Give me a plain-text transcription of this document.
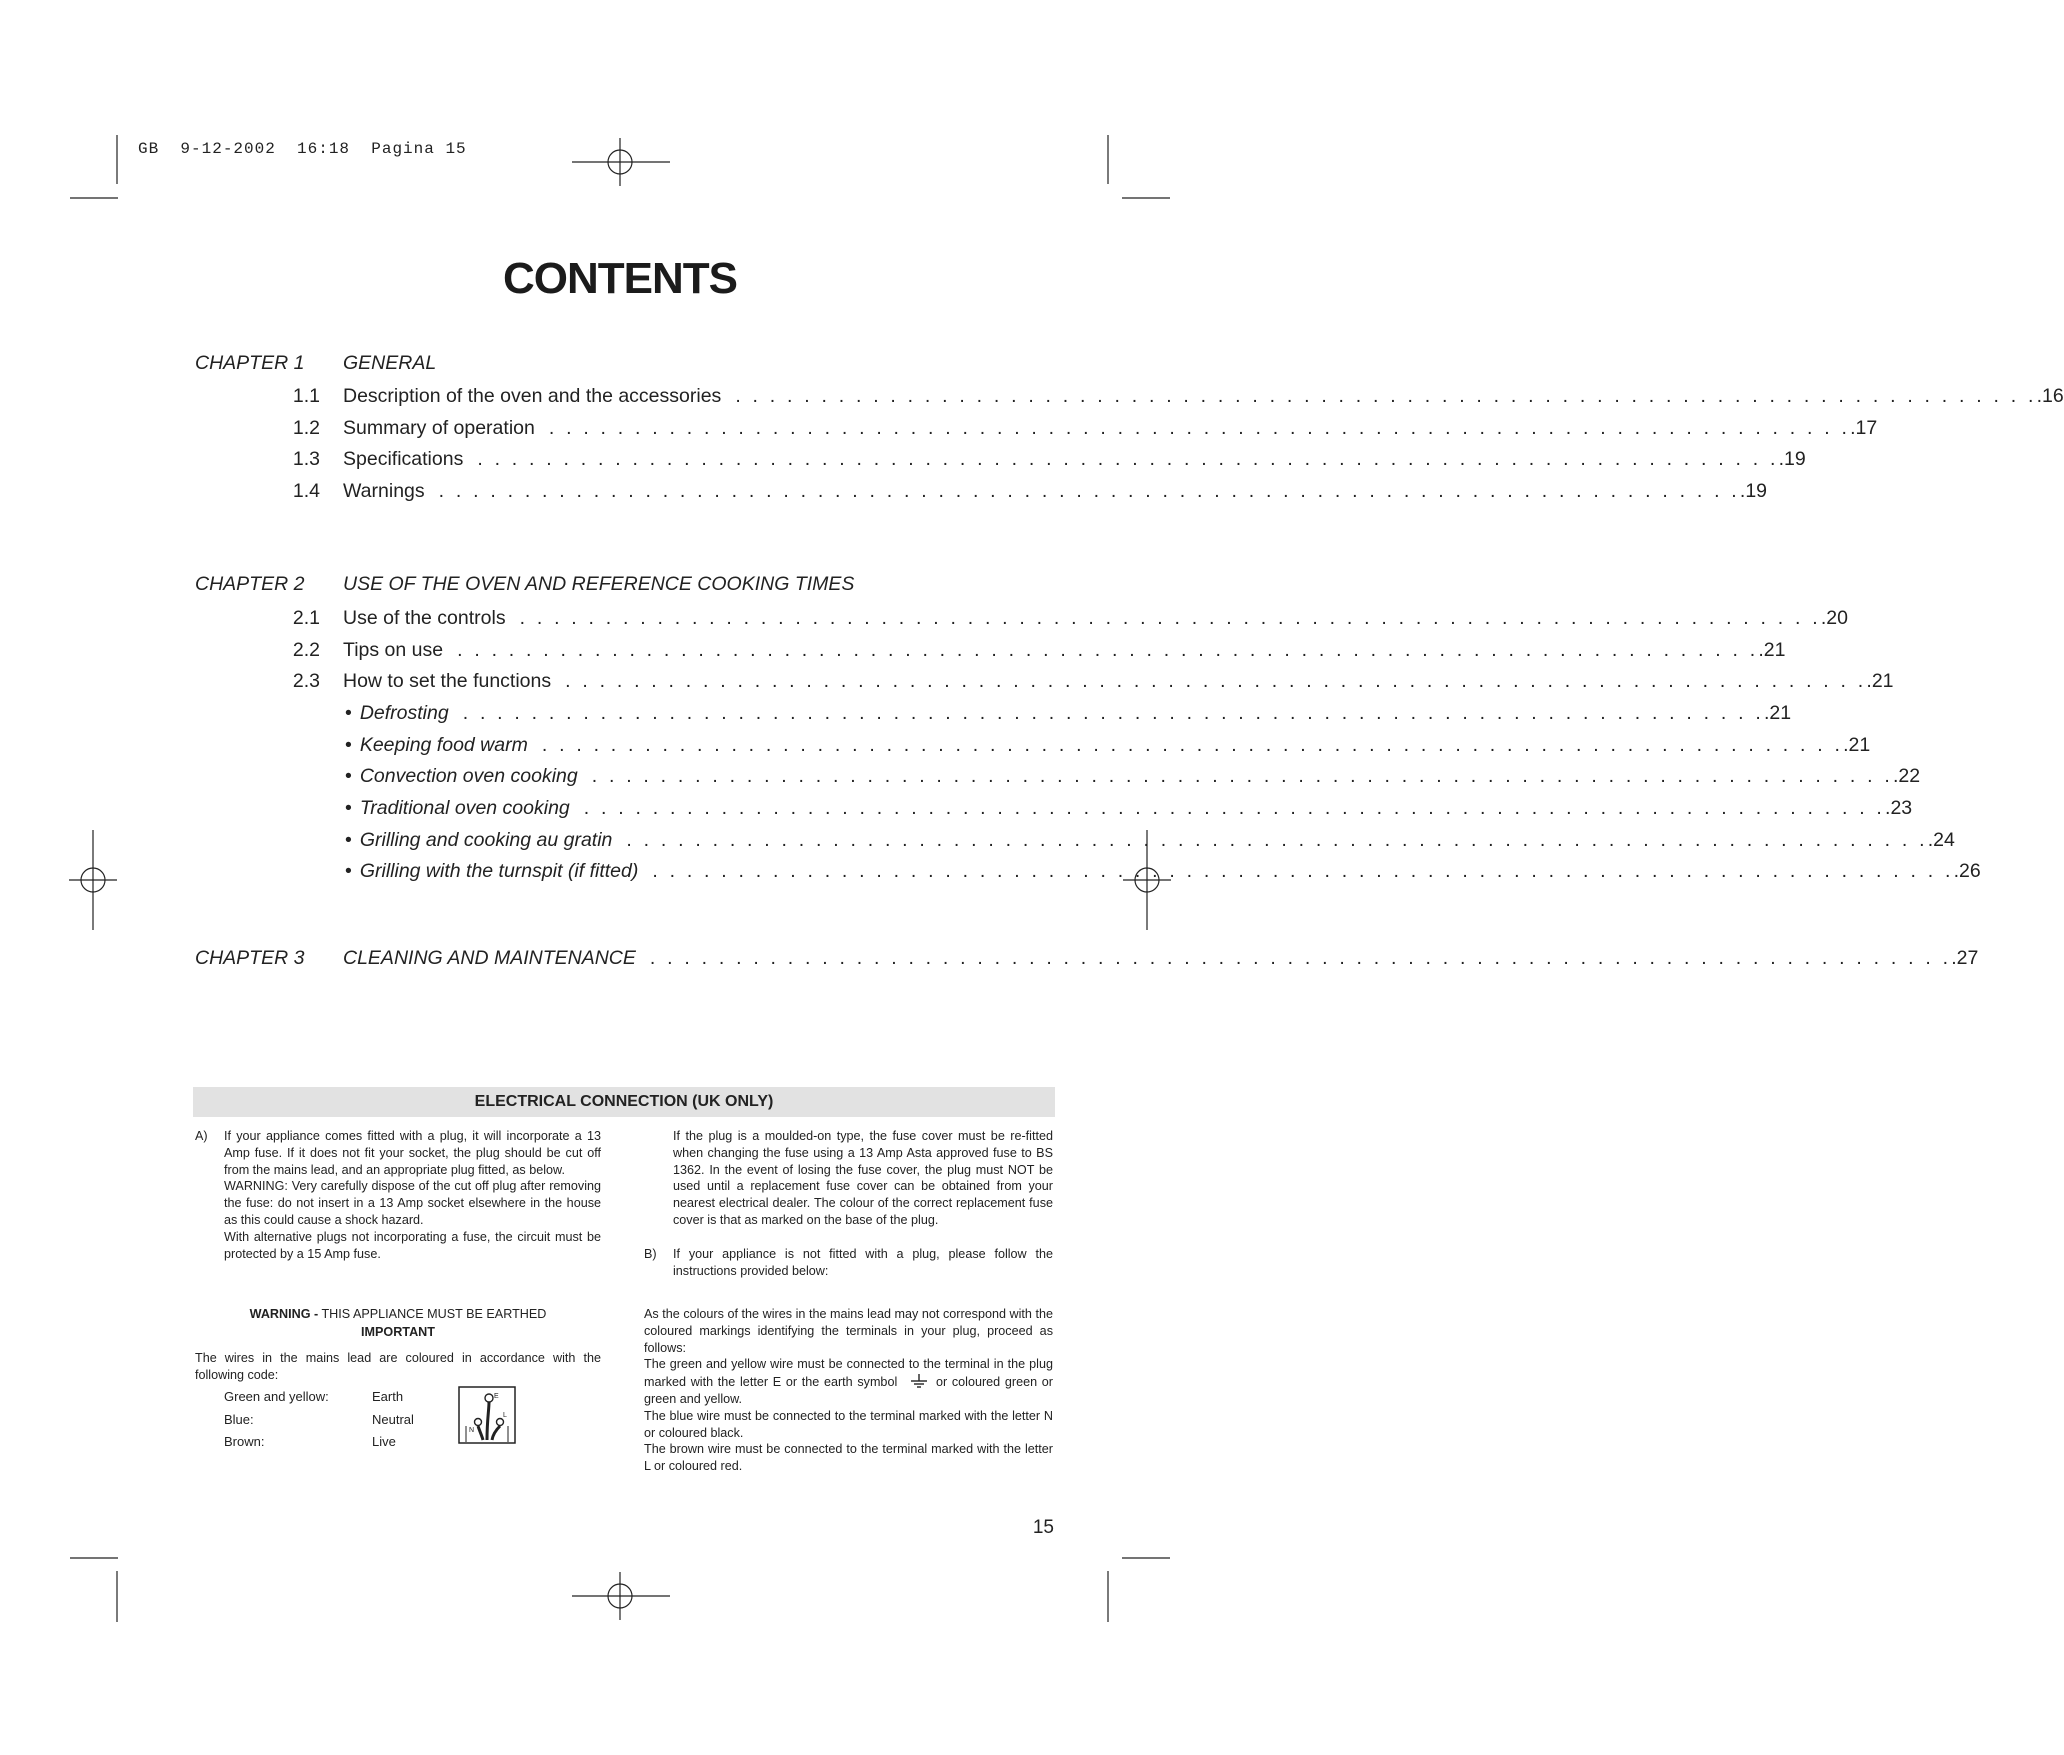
GB  9-12-2002  16:18  Pagina 15
CONTENTS
CHAPTER 1 GENERAL
1.1 Description of the oven and the accessories . . . . . . . . . . . . . . . . . . . . . . . . . . . . . . . . . . . . . . . . . . . . . . . . . . . . . . . . . . . . . . . . . . . . . . . . . . . . .16
1.2 Summary of operation . . . . . . . . . . . . . . . . . . . . . . . . . . . . . . . . . . . . . . . . . . . . . . . . . . . . . . . . . . . . . . . . . . . . . . . . . . . . .17
1.3 Specifications . . . . . . . . . . . . . . . . . . . . . . . . . . . . . . . . . . . . . . . . . . . . . . . . . . . . . . . . . . . . . . . . . . . . . . . . . . . . .19
1.4 Warnings . . . . . . . . . . . . . . . . . . . . . . . . . . . . . . . . . . . . . . . . . . . . . . . . . . . . . . . . . . . . . . . . . . . . . . . . . . . . .19
CHAPTER 2 USE OF THE OVEN AND REFERENCE COOKING TIMES
2.1 Use of the controls . . . . . . . . . . . . . . . . . . . . . . . . . . . . . . . . . . . . . . . . . . . . . . . . . . . . . . . . . . . . . . . . . . . . . . . . . . . . .20
2.2 Tips on use . . . . . . . . . . . . . . . . . . . . . . . . . . . . . . . . . . . . . . . . . . . . . . . . . . . . . . . . . . . . . . . . . . . . . . . . . . . . .21
2.3 How to set the functions . . . . . . . . . . . . . . . . . . . . . . . . . . . . . . . . . . . . . . . . . . . . . . . . . . . . . . . . . . . . . . . . . . . . . . . . . . . . .21
• Defrosting . . . . . . . . . . . . . . . . . . . . . . . . . . . . . . . . . . . . . . . . . . . . . . . . . . . . . . . . . . . . . . . . . . . . . . . . . . . . .21
• Keeping food warm . . . . . . . . . . . . . . . . . . . . . . . . . . . . . . . . . . . . . . . . . . . . . . . . . . . . . . . . . . . . . . . . . . . . . . . . . . . . .21
• Convection oven cooking . . . . . . . . . . . . . . . . . . . . . . . . . . . . . . . . . . . . . . . . . . . . . . . . . . . . . . . . . . . . . . . . . . . . . . . . . . . . .22
• Traditional oven cooking . . . . . . . . . . . . . . . . . . . . . . . . . . . . . . . . . . . . . . . . . . . . . . . . . . . . . . . . . . . . . . . . . . . . . . . . . . . . .23
• Grilling and cooking au gratin . . . . . . . . . . . . . . . . . . . . . . . . . . . . . . . . . . . . . . . . . . . . . . . . . . . . . . . . . . . . . . . . . . . . . . . . . . . . .24
• Grilling with the turnspit (if fitted) . . . . . . . . . . . . . . . . . . . . . . . . . . . . . . . . . . . . . . . . . . . . . . . . . . . . . . . . . . . . . . . . . . . . . . . . . . . . .26
CHAPTER 3 CLEANING AND MAINTENANCE . . . . . . . . . . . . . . . . . . . . . . . . . . . . . . . . . . . . . . . . . . . . . . . . . . . . . . . . . . . . . . . . . . . . . . . . . . . . .27
ELECTRICAL CONNECTION (UK ONLY)
A) If your appliance comes fitted with a plug, it will incorporate a 13 Amp fuse. If it does not fit your socket, the plug should be cut off from the mains lead, and an appropriate plug fitted, as below.
WARNING: Very carefully dispose of the cut off plug after removing the fuse: do not insert in a 13 Amp socket elsewhere in the house as this could cause a shock hazard.
With alternative plugs not incorporating a fuse, the circuit must be protected by a 15 Amp fuse.
If the plug is a moulded-on type, the fuse cover must be re-fitted when changing the fuse using a 13 Amp Asta approved fuse to BS 1362. In the event of losing the fuse cover, the plug must NOT be used until a replacement fuse cover can be obtained from your nearest electrical dealer. The colour of the correct replacement fuse cover is that as marked on the base of the plug.
B) If your appliance is not fitted with a plug, please follow the instructions provided below:
WARNING - THIS APPLIANCE MUST BE EARTHED
IMPORTANT
The wires in the mains lead are coloured in accordance with the following code:
As the colours of the wires in the mains lead may not correspond with the coloured markings identifying the terminals in your plug, proceed as follows:
The green and yellow wire must be connected to the terminal in the plug marked with the letter E or the earth symbol	or coloured green or green and yellow.
The blue wire must be connected to the terminal marked with the letter N or coloured black.
The brown wire must be connected to the terminal marked with the letter L or coloured red.
Green and yellow:	Earth
Blue:	Neutral
Brown:	Live
E
N
L
15
